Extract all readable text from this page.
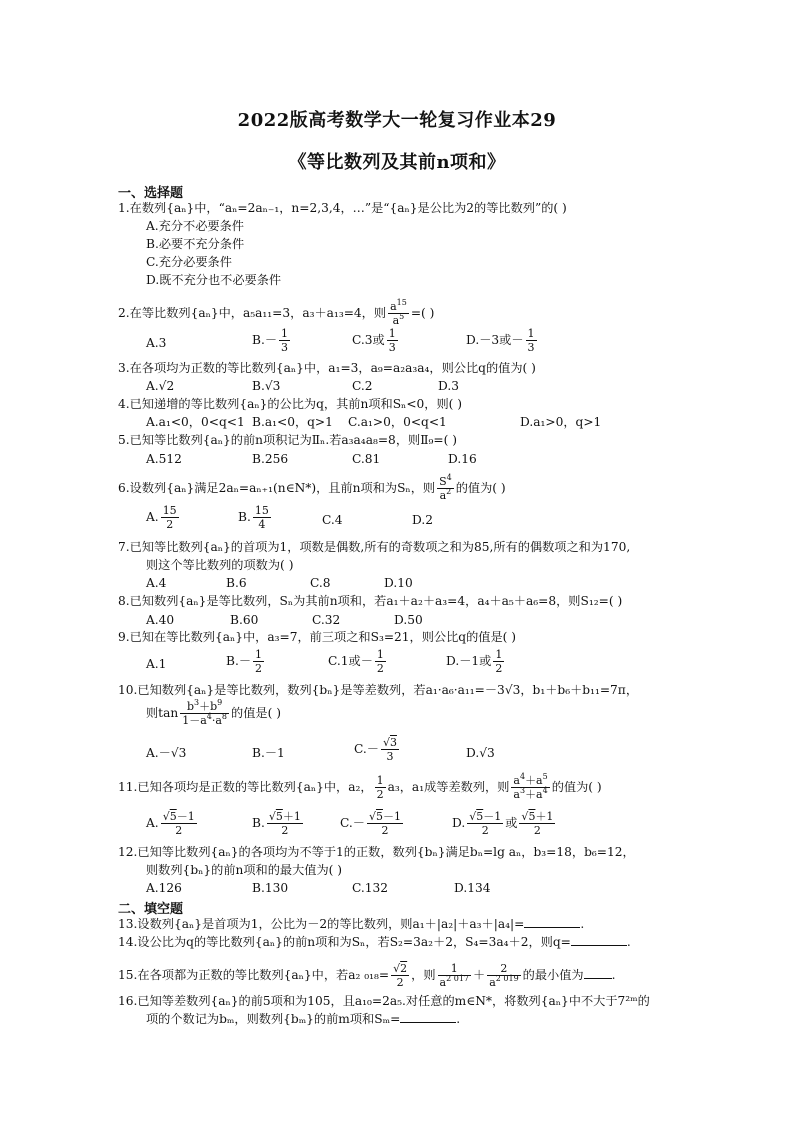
2022版高考数学大一轮复习作业本29
《等比数列及其前n项和》
一、选择题
1.在数列{aₙ}中，“aₙ=2aₙ₋₁，n=2,3,4，…”是“{aₙ}是公比为2的等比数列”的( )
A.充分不必要条件
B.必要不充分条件
C.充分必要条件
D.既不充分也不必要条件
2.在等比数列{aₙ}中，a₅a₁₁=3，a₃＋a₁₃=4，则 $\frac{a^{15}}{a^5}$ =( )
A.3	$B.- \frac{1}{3}$	C.3或 $\frac{1}{3}$	D.－3或－ $\frac{1}{3}$
3.在各项均为正数的等比数列{aₙ}中，a₁=3，a₉=a₂a₃a₄，则公比q的值为( )
A.√2	B.√3	C.2	D.3
4.已知递增的等比数列{aₙ}的公比为q，其前n项和Sₙ<0，则( )
A.a₁<0，0<q<1 B.a₁<0，q>1 C.a₁>0，0<q<1	D.a₁>0，q>1
5.已知等比数列{aₙ}的前n项积记为Ⅱₙ.若a₃a₄a₈=8，则Ⅱ₉=( )
A.512	B.256	C.81	D.16
6.设数列{aₙ}满足2aₙ=aₙ₊₁(n∈N*)，且前n项和为Sₙ，则 $\frac{S^4}{a^2}$ 的值为( )
A. $\frac{15}{2}$	B. $\frac{15}{4}$	C.4	D.2
7.已知等比数列{aₙ}的首项为1，项数是偶数,所有的奇数项之和为85,所有的偶数项之和为170,
则这个等比数列的项数为( )
A.4	B.6	C.8	D.10
8.已知数列{aₙ}是等比数列，Sₙ为其前n项和，若a₁＋a₂＋a₃=4，a₄＋a₅＋a₆=8，则S₁₂=( )
A.40	B.60	C.32	D.50
9.已知在等比数列{aₙ}中，a₃=7，前三项之和S₃=21，则公比q的值是( )
A.1	$B.- \frac{1}{2}$	C.1或－ $\frac{1}{2}$	D.－1或 $\frac{1}{2}$
10.已知数列{aₙ}是等比数列，数列{bₙ}是等差数列，若a₁·a₆·a₁₁=－3√3，b₁＋b₆＋b₁₁=7π，
则$\tan \frac{b^3+b^9}{1-a^4\cdot a^8}$ 的值是( )
A.－√3	B.－1	$C.- \frac{√3}{3}$	D.√3
11.已知各项均是正数的等比数列{aₙ}中，a₂， $\frac{1}{2} a_3$，a₁成等差数列，则 $\frac{a^4+a^5}{a^3+a^4}$ 的值为( )
A. $\frac{√5-1}{2}$	B. $\frac{√5+1}{2}$	$C.- \frac{√5-1}{2}$	D. $\frac{√5-1}{2}$ 或 $\frac{√5+1}{2}$
12.已知等比数列{aₙ}的各项均为不等于1的正数，数列{bₙ}满足bₙ=lg aₙ，b₃=18，b₆=12，
则数列{bₙ}的前n项和的最大值为( )
A.126	B.130	C.132	D.134
二、填空题
13.设数列{aₙ}是首项为1，公比为－2的等比数列，则a₁＋|a₂|＋a₃＋|a₄|=	.
14.设公比为q的等比数列{aₙ}的前n项和为Sₙ，若S₂=3a₂＋2，S₄=3a₄＋2，则q=	.
15.在各项都为正数的等比数列{aₙ}中，若a₂ $_{018}= \frac{√2}{2}$ ，则 $\frac{1}{a^{2 017}} + \frac{2}{a^{2 019}}$ 的最小值为 .
16.已知等差数列{aₙ}的前5项和为105，且a₁₀=2a₅.对任意的m∈N*，将数列{aₙ}中不大于7²ᵐ的
项的个数记为bₘ，则数列{bₘ}的前m项和Sₘ=	.
